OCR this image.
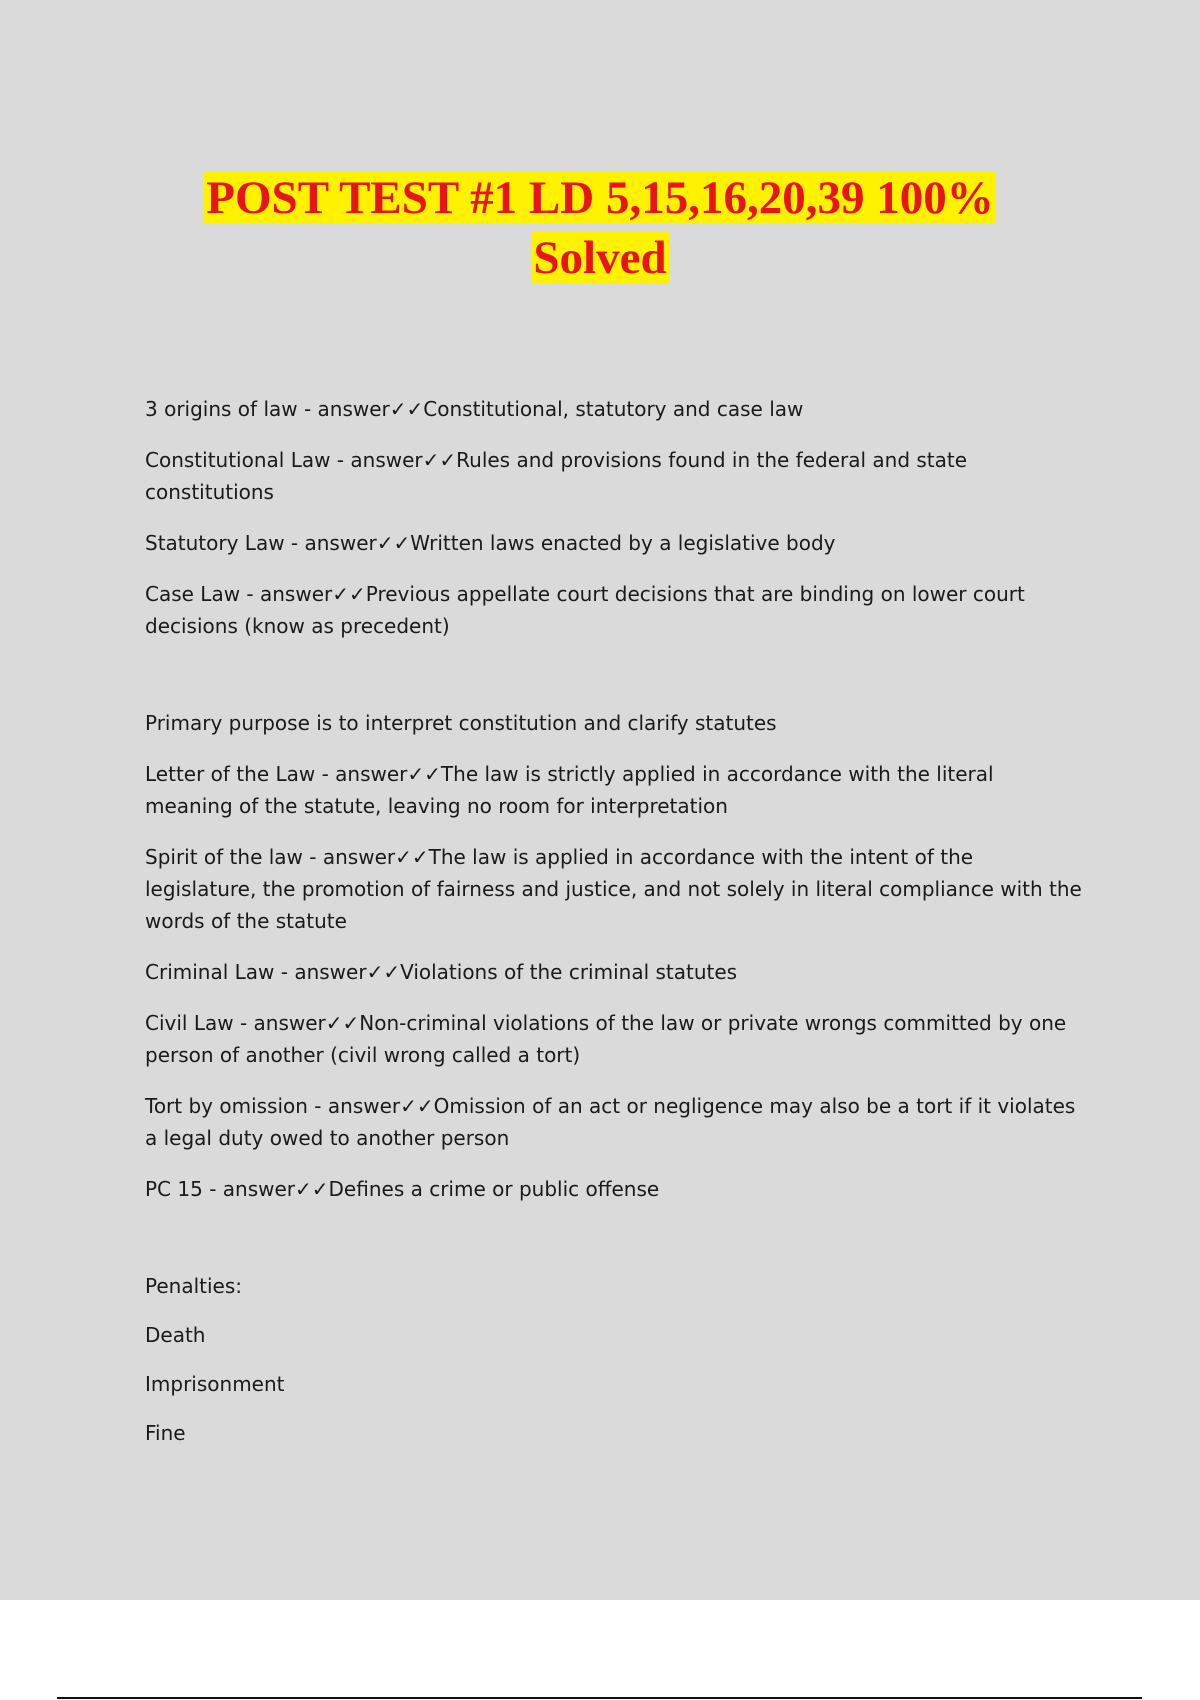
POST TEST #1 LD 5,15,16,20,39 100%
Solved

3 origins of law - answer✓✓Constitutional, statutory and case law

Constitutional Law - answer✓✓Rules and provisions found in the federal and state constitutions

Statutory Law - answer✓✓Written laws enacted by a legislative body

Case Law - answer✓✓Previous appellate court decisions that are binding on lower court decisions (know as precedent)

Primary purpose is to interpret constitution and clarify statutes

Letter of the Law - answer✓✓The law is strictly applied in accordance with the literal meaning of the statute, leaving no room for interpretation

Spirit of the law - answer✓✓The law is applied in accordance with the intent of the legislature, the promotion of fairness and justice, and not solely in literal compliance with the words of the statute

Criminal Law - answer✓✓Violations of the criminal statutes

Civil Law - answer✓✓Non-criminal violations of the law or private wrongs committed by one person of another (civil wrong called a tort)

Tort by omission - answer✓✓Omission of an act or negligence may also be a tort if it violates a legal duty owed to another person

PC 15 - answer✓✓Defines a crime or public offense

Penalties:

Death

Imprisonment

Fine
